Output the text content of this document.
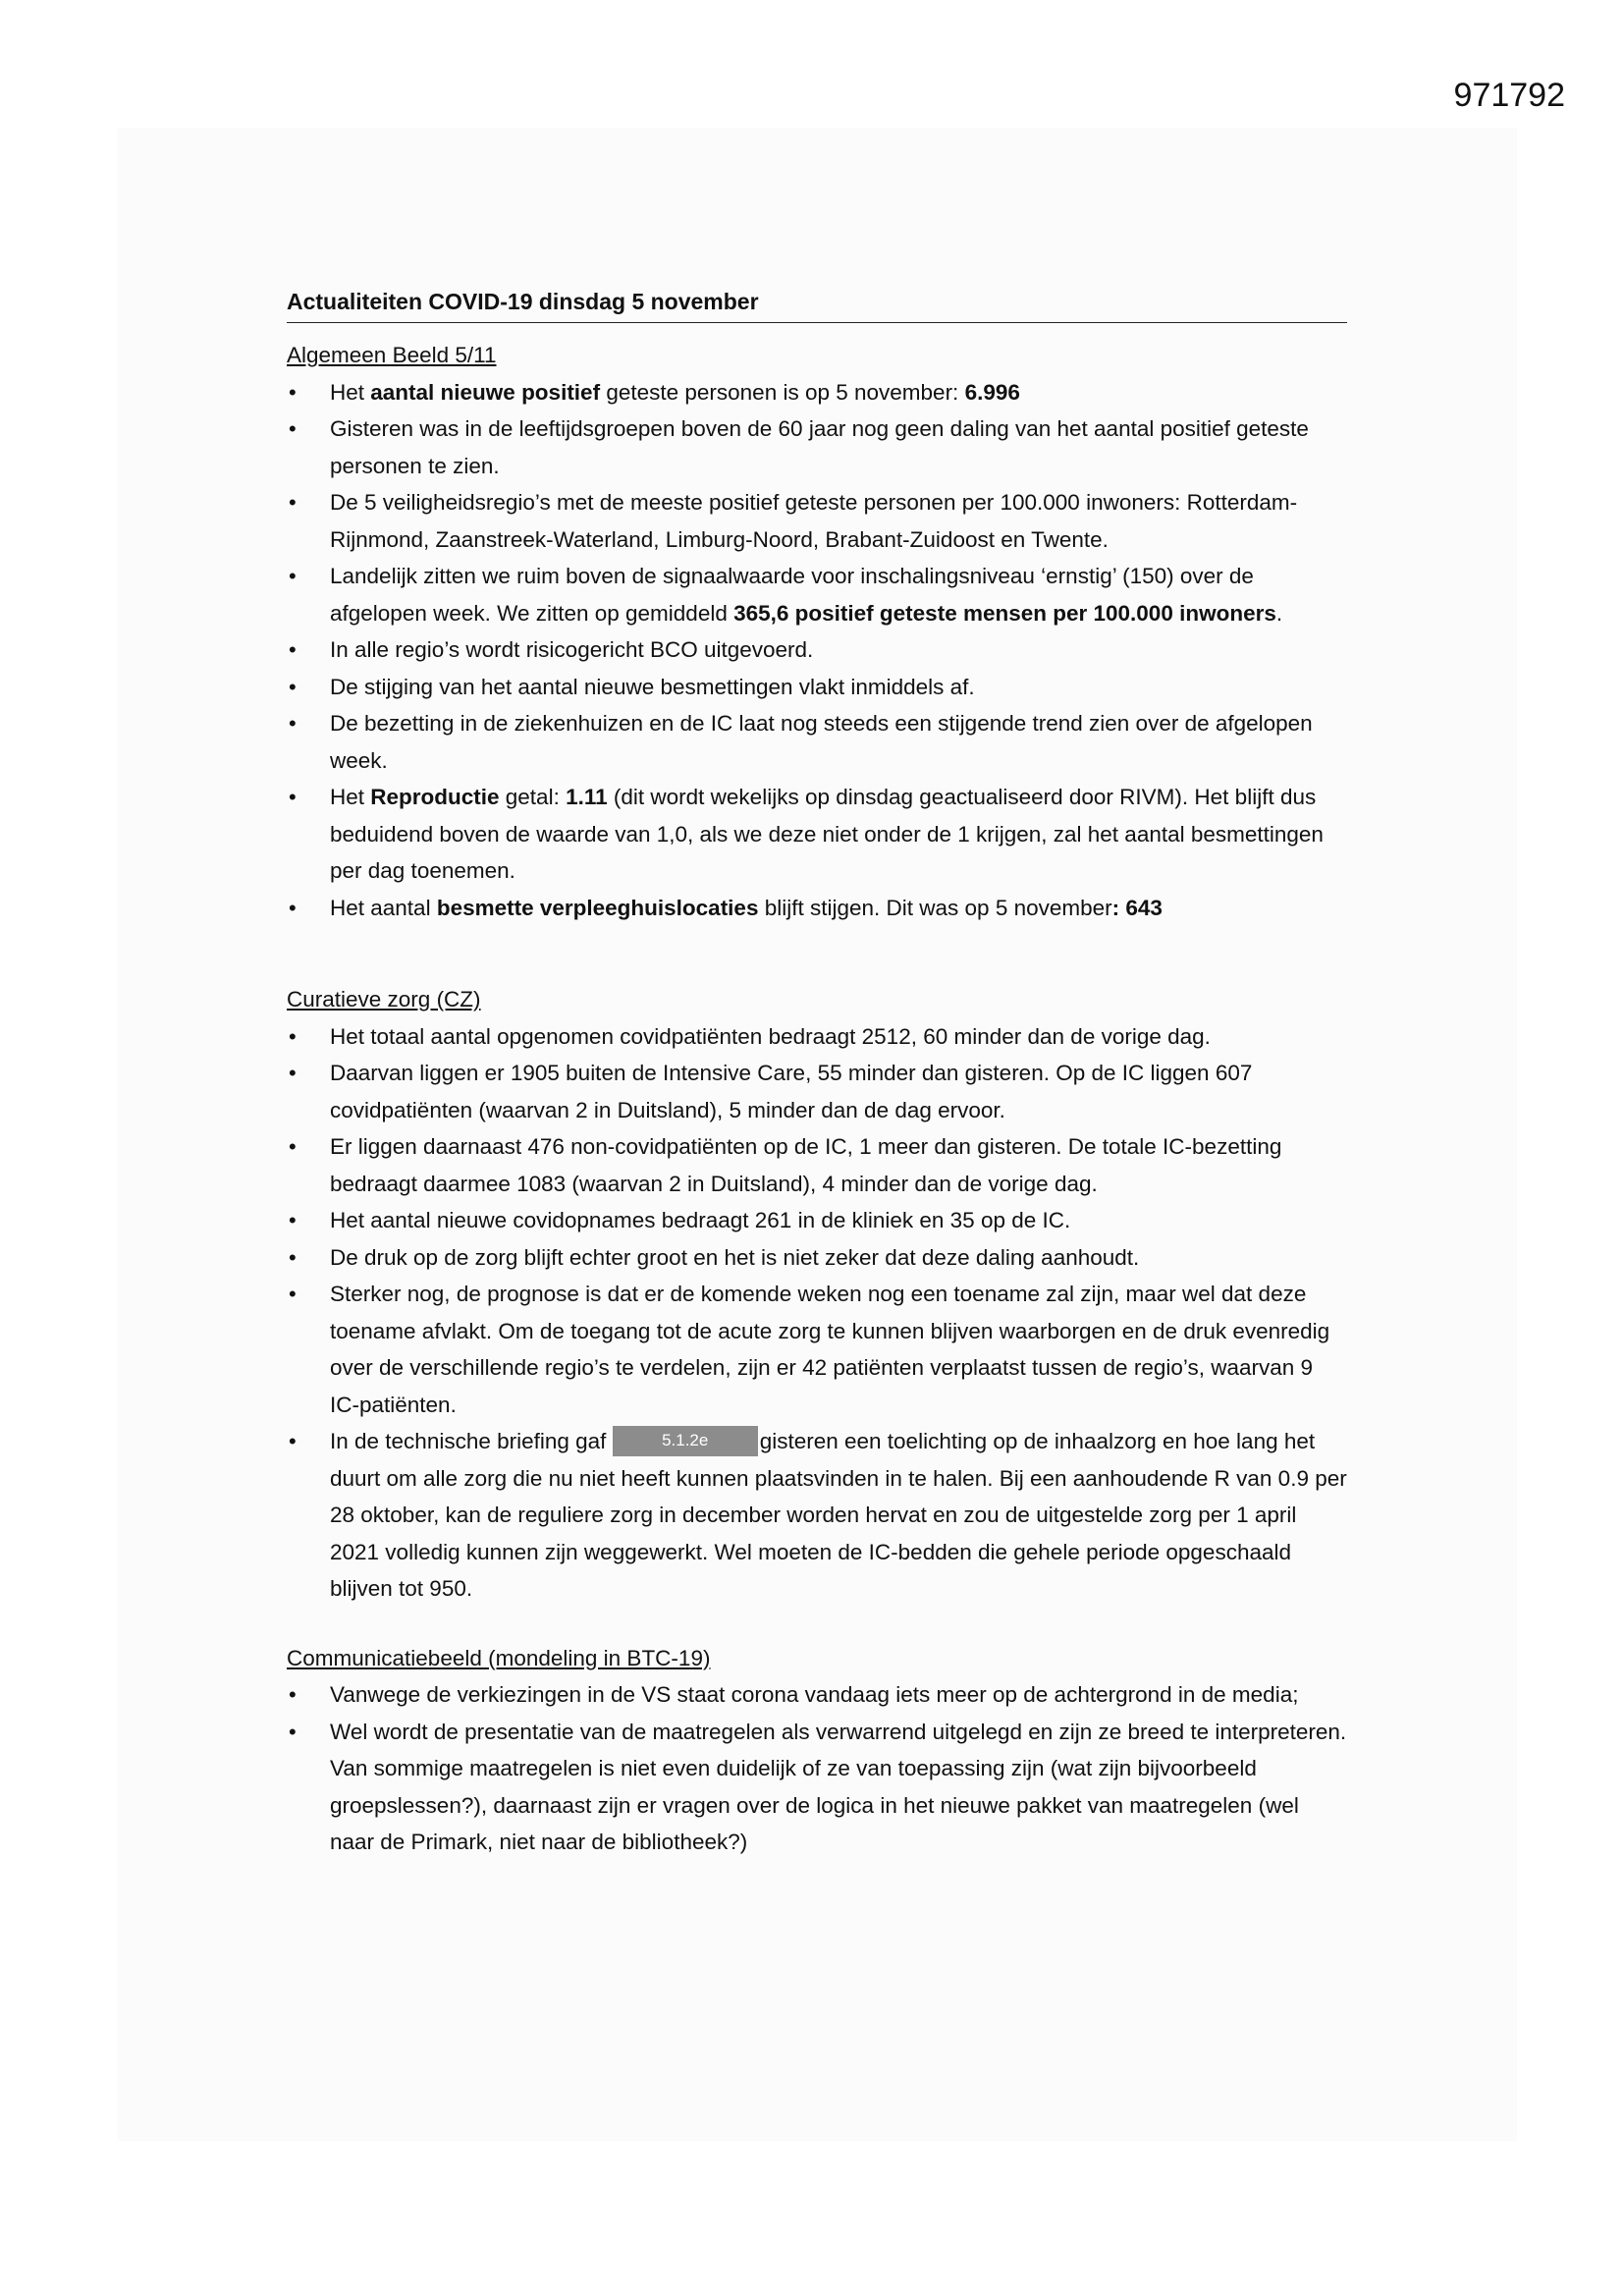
971792
Actualiteiten COVID-19 dinsdag 5 november
Algemeen Beeld 5/11
•	Het aantal nieuwe positief geteste personen is op 5 november: 6.996
•	Gisteren was in de leeftijdsgroepen boven de 60 jaar nog geen daling van het aantal positief geteste personen te zien.
•	De 5 veiligheidsregio’s met de meeste positief geteste personen per 100.000 inwoners: Rotterdam-Rijnmond, Zaanstreek-Waterland, Limburg-Noord, Brabant-Zuidoost en Twente.
•	Landelijk zitten we ruim boven de signaalwaarde voor inschalingsniveau ‘ernstig’ (150) over de afgelopen week. We zitten op gemiddeld 365,6 positief geteste mensen per 100.000 inwoners.
•	In alle regio’s wordt risicogericht BCO uitgevoerd.
•	De stijging van het aantal nieuwe besmettingen vlakt inmiddels af.
•	De bezetting in de ziekenhuizen en de IC laat nog steeds een stijgende trend zien over de afgelopen week.
•	Het Reproductie getal: 1.11 (dit wordt wekelijks op dinsdag geactualiseerd door RIVM). Het blijft dus beduidend boven de waarde van 1,0, als we deze niet onder de 1 krijgen, zal het aantal besmettingen per dag toenemen.
•	Het aantal besmette verpleeghuislocaties blijft stijgen. Dit was op 5 november: 643
Curatieve zorg (CZ)
•	Het totaal aantal opgenomen covidpatiënten bedraagt 2512, 60 minder dan de vorige dag.
•	Daarvan liggen er 1905 buiten de Intensive Care, 55 minder dan gisteren. Op de IC liggen 607 covidpatiënten (waarvan 2 in Duitsland), 5 minder dan de dag ervoor.
•	Er liggen daarnaast 476 non-covidpatiënten op de IC, 1 meer dan gisteren. De totale IC-bezetting bedraagt daarmee 1083 (waarvan 2 in Duitsland), 4 minder dan de vorige dag.
•	Het aantal nieuwe covidopnames bedraagt 261 in de kliniek en 35 op de IC.
•	De druk op de zorg blijft echter groot en het is niet zeker dat deze daling aanhoudt.
•	Sterker nog, de prognose is dat er de komende weken nog een toename zal zijn, maar wel dat deze toename afvlakt. Om de toegang tot de acute zorg te kunnen blijven waarborgen en de druk evenredig over de verschillende regio’s te verdelen, zijn er 42 patiënten verplaatst tussen de regio’s, waarvan 9 IC-patiënten.
•	In de technische briefing gaf	5.1.2e gisteren een toelichting op de inhaalzorg en hoe lang het duurt om alle zorg die nu niet heeft kunnen plaatsvinden in te halen. Bij een aanhoudende R van 0.9 per 28 oktober, kan de reguliere zorg in december worden hervat en zou de uitgestelde zorg per 1 april 2021 volledig kunnen zijn weggewerkt. Wel moeten de IC-bedden die gehele periode opgeschaald blijven tot 950.
Communicatiebeeld (mondeling in BTC-19)
•	Vanwege de verkiezingen in de VS staat corona vandaag iets meer op de achtergrond in de media;
•	Wel wordt de presentatie van de maatregelen als verwarrend uitgelegd en zijn ze breed te interpreteren. Van sommige maatregelen is niet even duidelijk of ze van toepassing zijn (wat zijn bijvoorbeeld groepslessen?), daarnaast zijn er vragen over de logica in het nieuwe pakket van maatregelen (wel naar de Primark, niet naar de bibliotheek?)
